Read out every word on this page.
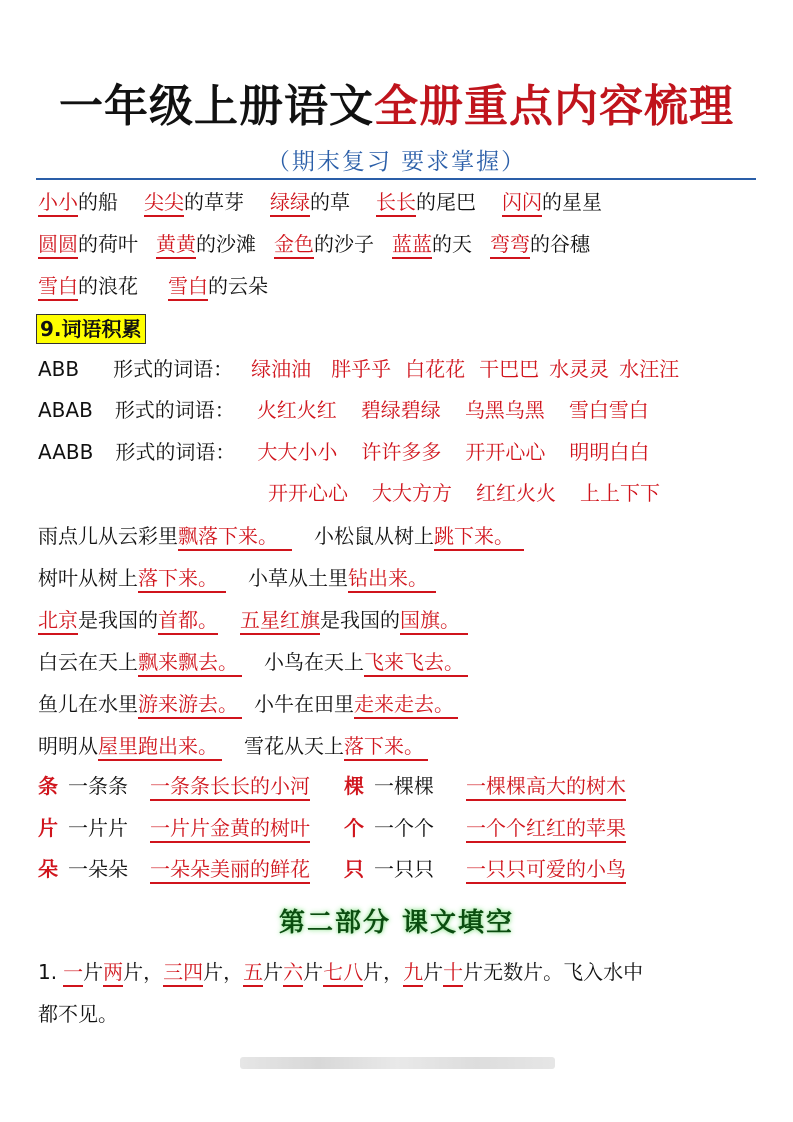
一年级上册语文全册重点内容梳理
（期末复习 要求掌握）
小小的船 尖尖的草芽 绿绿的草 长长的尾巴 闪闪的星星
圆圆的荷叶 黄黄的沙滩 金色的沙子 蓝蓝的天 弯弯的谷穗
雪白的浪花 雪白的云朵
9.词语积累
ABB 形式的词语： 绿油油 胖乎乎 白花花 干巴巴 水灵灵 水汪汪
ABAB 形式的词语： 火红火红 碧绿碧绿 乌黑乌黑 雪白雪白
AABB 形式的词语： 大大小小 许许多多 开开心心 明明白白
开开心心 大大方方 红红火火 上上下下
雨点儿从云彩里飘落下来。 小松鼠从树上跳下来。
树叶从树上落下来。 小草从土里钻出来。
北京是我国的首都。 五星红旗是我国的国旗。
白云在天上飘来飘去。 小鸟在天上飞来飞去。
鱼儿在水里游来游去。 小牛在田里走来走去。
明明从屋里跑出来。 雪花从天上落下来。
条 一条条 一条条长长的小河 棵 一棵棵 一棵棵高大的树木
片 一片片 一片片金黄的树叶 个 一个个 一个个红红的苹果
朵 一朵朵 一朵朵美丽的鲜花 只 一只只 一只只可爱的小鸟
第二部分 课文填空
1. 一片两片，三四片，五片六片七八片，九片十片无数片。飞入水中
都不见。
